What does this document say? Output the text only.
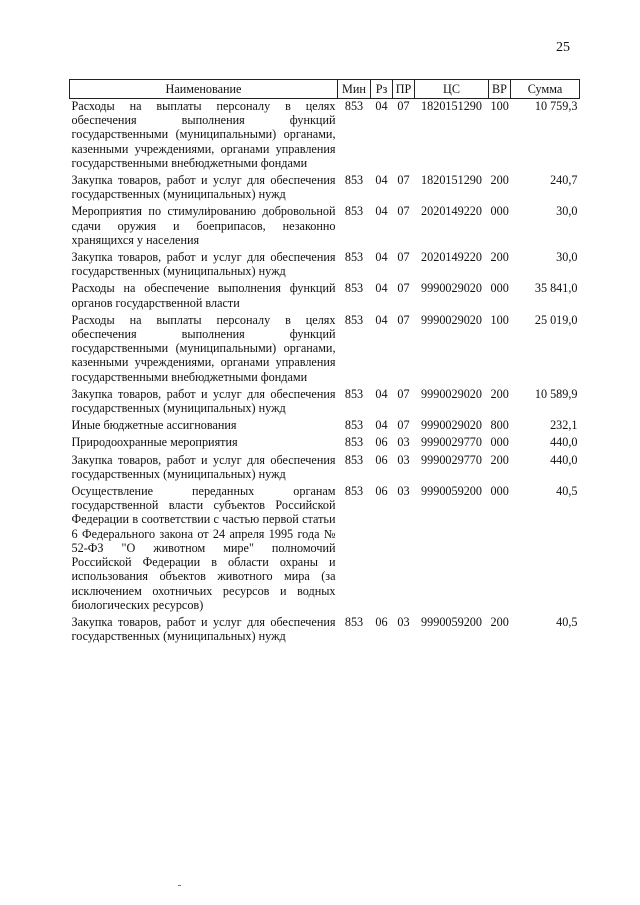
25
Наименование	Мин	Рз	ПР	ЦС	ВР	Сумма
Расходы на выплаты персоналу в целях обеспечения выполнения функций государственными (муниципальными) органами, казенными учреждениями, органами управления государственными внебюджетными фондами	853	04	07	1820151290	100	10 759,3
Закупка товаров, работ и услуг для обеспечения государственных (муниципальных) нужд	853	04	07	1820151290	200	240,7
Мероприятия по стимулированию добровольной сдачи оружия и боеприпасов, незаконно хранящихся у населения	853	04	07	2020149220	000	30,0
Закупка товаров, работ и услуг для обеспечения государственных (муниципальных) нужд	853	04	07	2020149220	200	30,0
Расходы на обеспечение выполнения функций органов государственной власти	853	04	07	9990029020	000	35 841,0
Расходы на выплаты персоналу в целях обеспечения выполнения функций государственными (муниципальными) органами, казенными учреждениями, органами управления государственными внебюджетными фондами	853	04	07	9990029020	100	25 019,0
Закупка товаров, работ и услуг для обеспечения государственных (муниципальных) нужд	853	04	07	9990029020	200	10 589,9
Иные бюджетные ассигнования	853	04	07	9990029020	800	232,1
Природоохранные мероприятия	853	06	03	9990029770	000	440,0
Закупка товаров, работ и услуг для обеспечения государственных (муниципальных) нужд	853	06	03	9990029770	200	440,0
Осуществление переданных органам государственной власти субъектов Российской Федерации в соответствии с частью первой статьи 6 Федерального закона от 24 апреля 1995 года № 52-ФЗ "О животном мире" полномочий Российской Федерации в области охраны и использования объектов животного мира (за исключением охотничьих ресурсов и водных биологических ресурсов)	853	06	03	9990059200	000	40,5
Закупка товаров, работ и услуг для обеспечения государственных (муниципальных) нужд	853	06	03	9990059200	200	40,5
